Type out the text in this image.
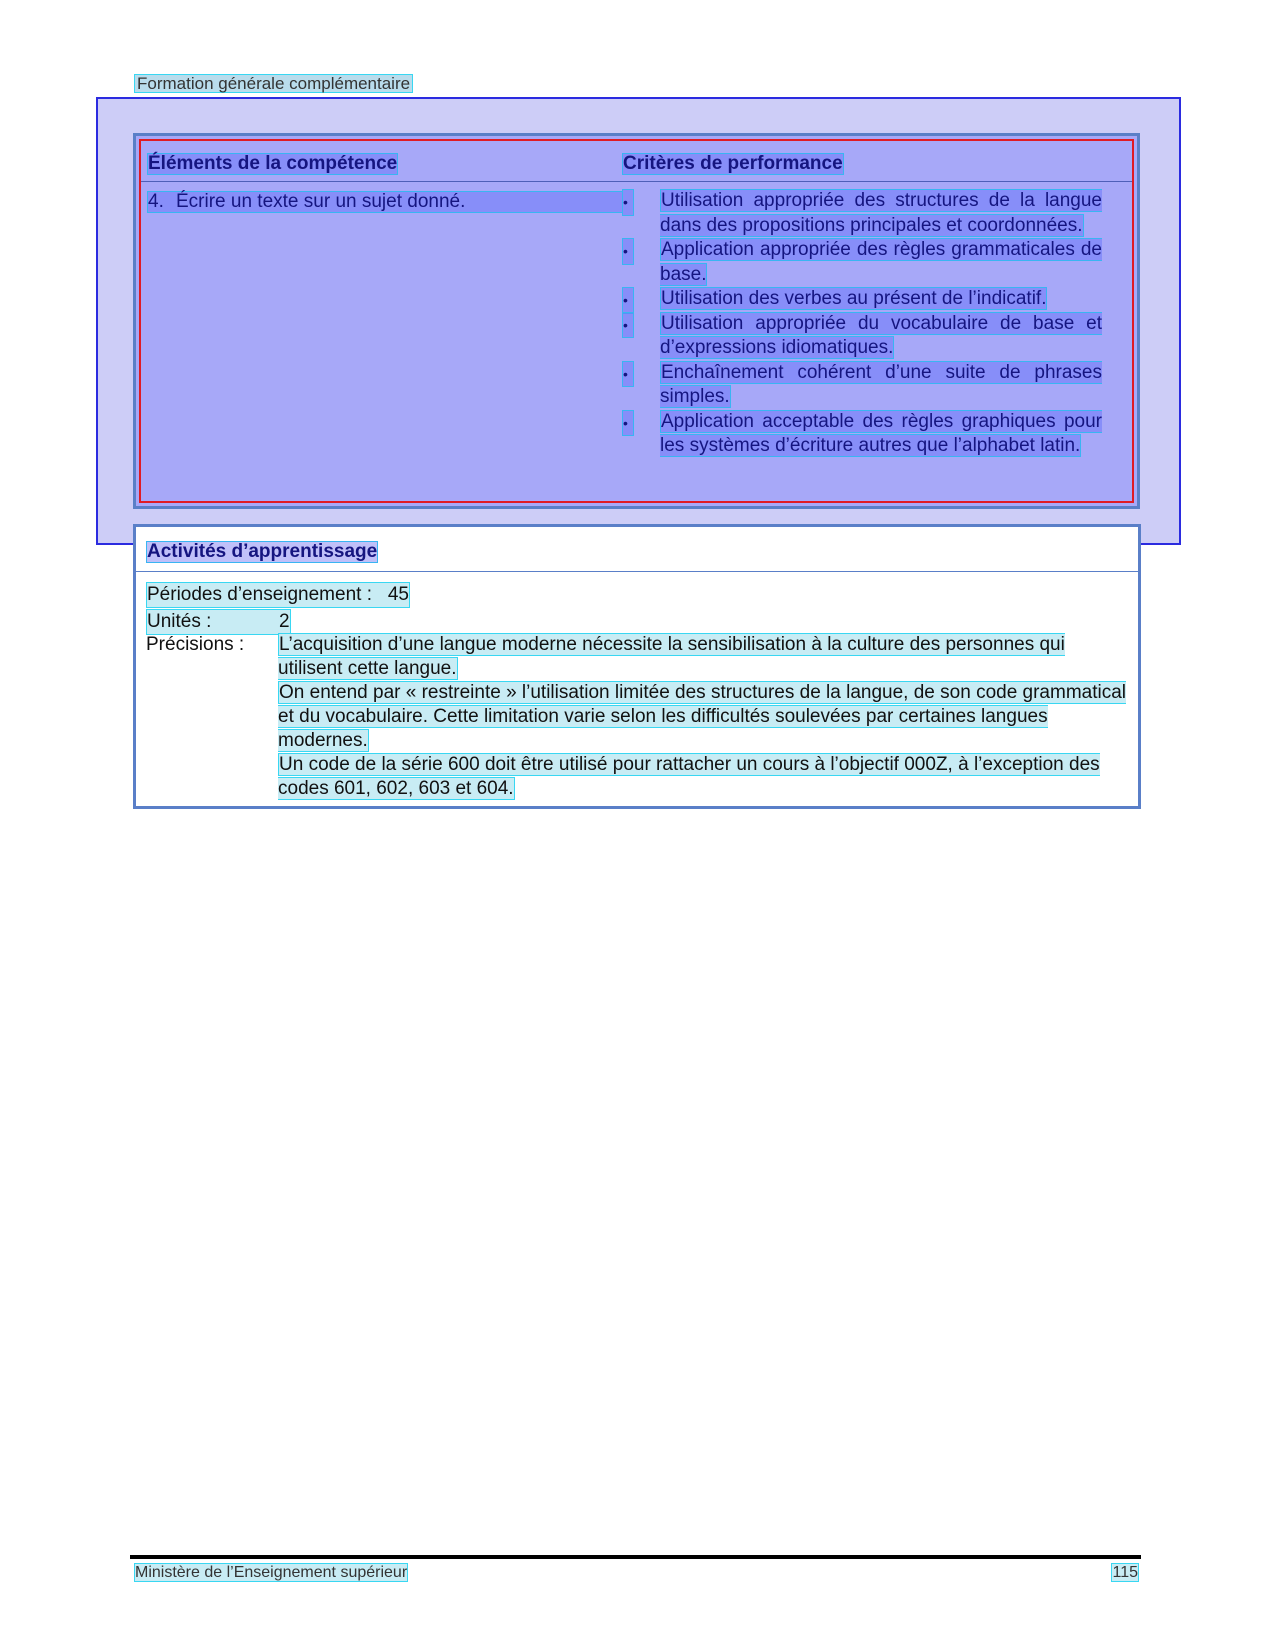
Formation générale complémentaire
Éléments de la compétence	Critères de performance
4. Écrire un texte sur un sujet donné.	•	Utilisation appropriée des structures de la langue dans des propositions principales et coordonnées.
•	Application appropriée des règles grammaticales de base.
•	Utilisation des verbes au présent de l’indicatif.
•	Utilisation appropriée du vocabulaire de base et d’expressions idiomatiques.
•	Enchaînement cohérent d’une suite de phrases simples.
•	Application acceptable des règles graphiques pour les systèmes d’écriture autres que l’alphabet latin.
Activités d’apprentissage
Périodes d’enseignement : 45
Unités :	2
Précisions : L’acquisition d’une langue moderne nécessite la sensibilisation à la culture des personnes qui utilisent cette langue.

On entend par « restreinte » l’utilisation limitée des structures de la langue, de son code grammatical et du vocabulaire. Cette limitation varie selon les difficultés soulevées par certaines langues modernes.

Un code de la série 600 doit être utilisé pour rattacher un cours à l’objectif 000Z, à l’exception des codes 601, 602, 603 et 604.

Ministère de l’Enseignement supérieur	115
